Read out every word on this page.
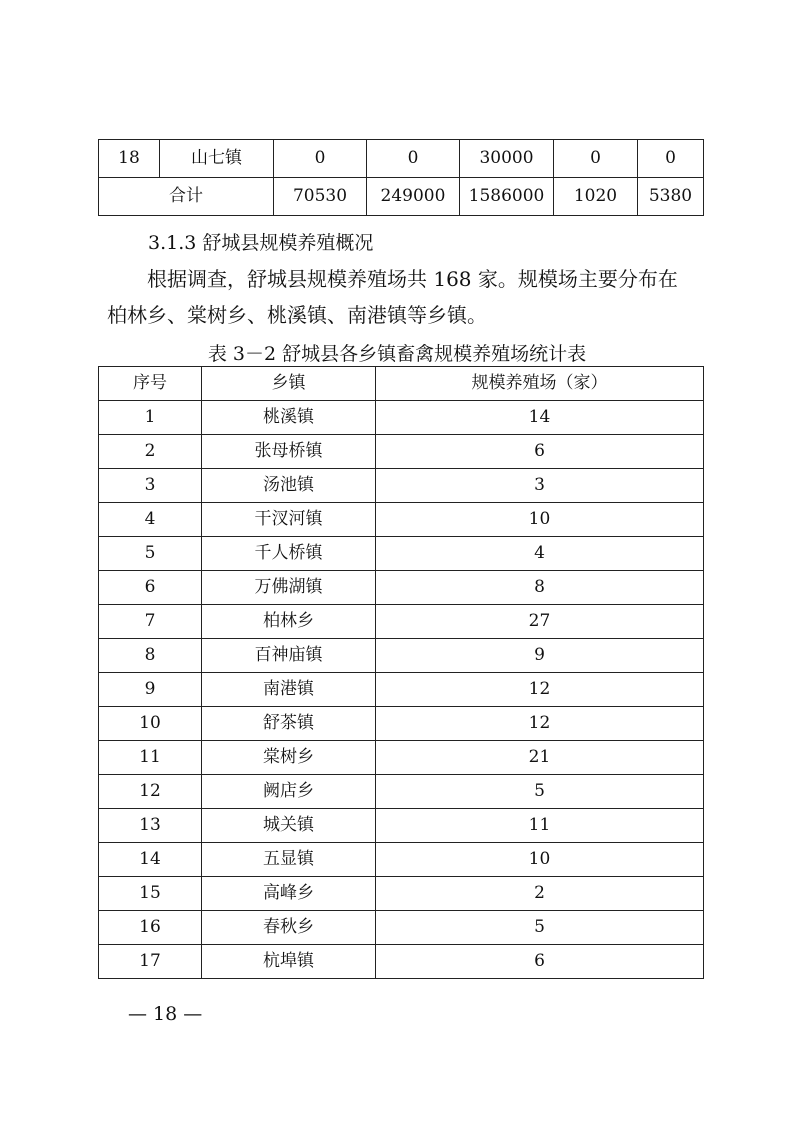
18	山七镇	0	0	30000	0	0
合计		70530	249000	1586000	1020	5380

3.1.3 舒城县规模养殖概况

根据调查，舒城县规模养殖场共 168 家。规模场主要分布在柏林乡、棠树乡、桃溪镇、南港镇等乡镇。

表 3－2 舒城县各乡镇畜禽规模养殖场统计表

序号	乡镇	规模养殖场（家）
1	桃溪镇	14
2	张母桥镇	6
3	汤池镇	3
4	干汊河镇	10
5	千人桥镇	4
6	万佛湖镇	8
7	柏林乡	27
8	百神庙镇	9
9	南港镇	12
10	舒茶镇	12
11	棠树乡	21
12	阙店乡	5
13	城关镇	11
14	五显镇	10
15	高峰乡	2
16	春秋乡	5
17	杭埠镇	6
— 18 —
